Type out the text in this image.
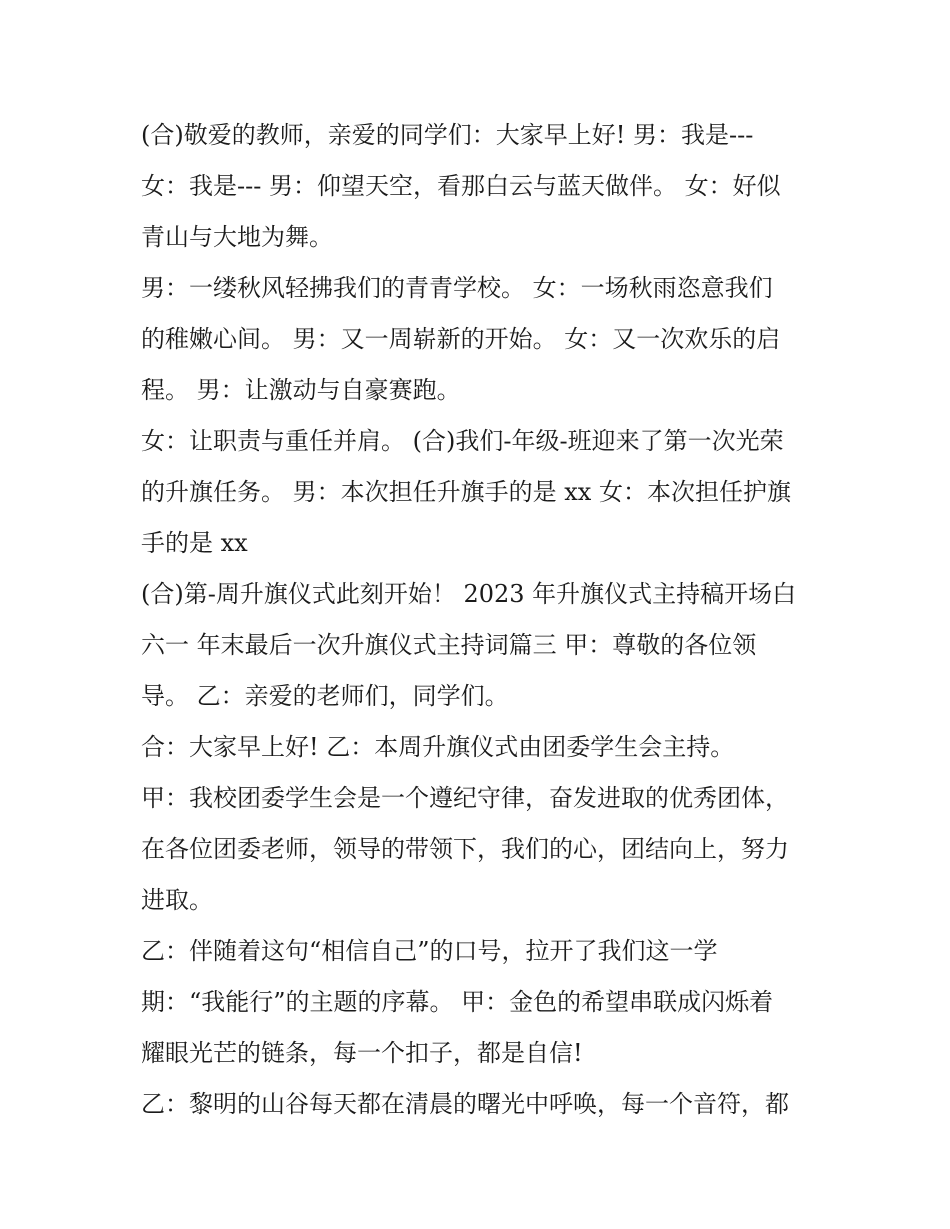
(合)敬爱的教师，亲爱的同学们：大家早上好! 男：我是---
女：我是--- 男：仰望天空，看那白云与蓝天做伴。 女：好似
青山与大地为舞。
男：一缕秋风轻拂我们的青青学校。 女：一场秋雨恣意我们
的稚嫩心间。 男：又一周崭新的开始。 女：又一次欢乐的启
程。 男：让激动与自豪赛跑。
女：让职责与重任并肩。 (合)我们-年级-班迎来了第一次光荣
的升旗任务。 男：本次担任升旗手的是 xx 女：本次担任护旗
手的是 xx
(合)第-周升旗仪式此刻开始！ 2023 年升旗仪式主持稿开场白
六一 年末最后一次升旗仪式主持词篇三 甲：尊敬的各位领
导。 乙：亲爱的老师们，同学们。
合：大家早上好! 乙：本周升旗仪式由团委学生会主持。
甲：我校团委学生会是一个遵纪守律，奋发进取的优秀团体，
在各位团委老师，领导的带领下，我们的心，团结向上，努力
进取。
乙：伴随着这句“相信自己”的口号，拉开了我们这一学
期：“我能行”的主题的序幕。 甲：金色的希望串联成闪烁着
耀眼光芒的链条，每一个扣子，都是自信!
乙：黎明的山谷每天都在清晨的曙光中呼唤，每一个音符，都
